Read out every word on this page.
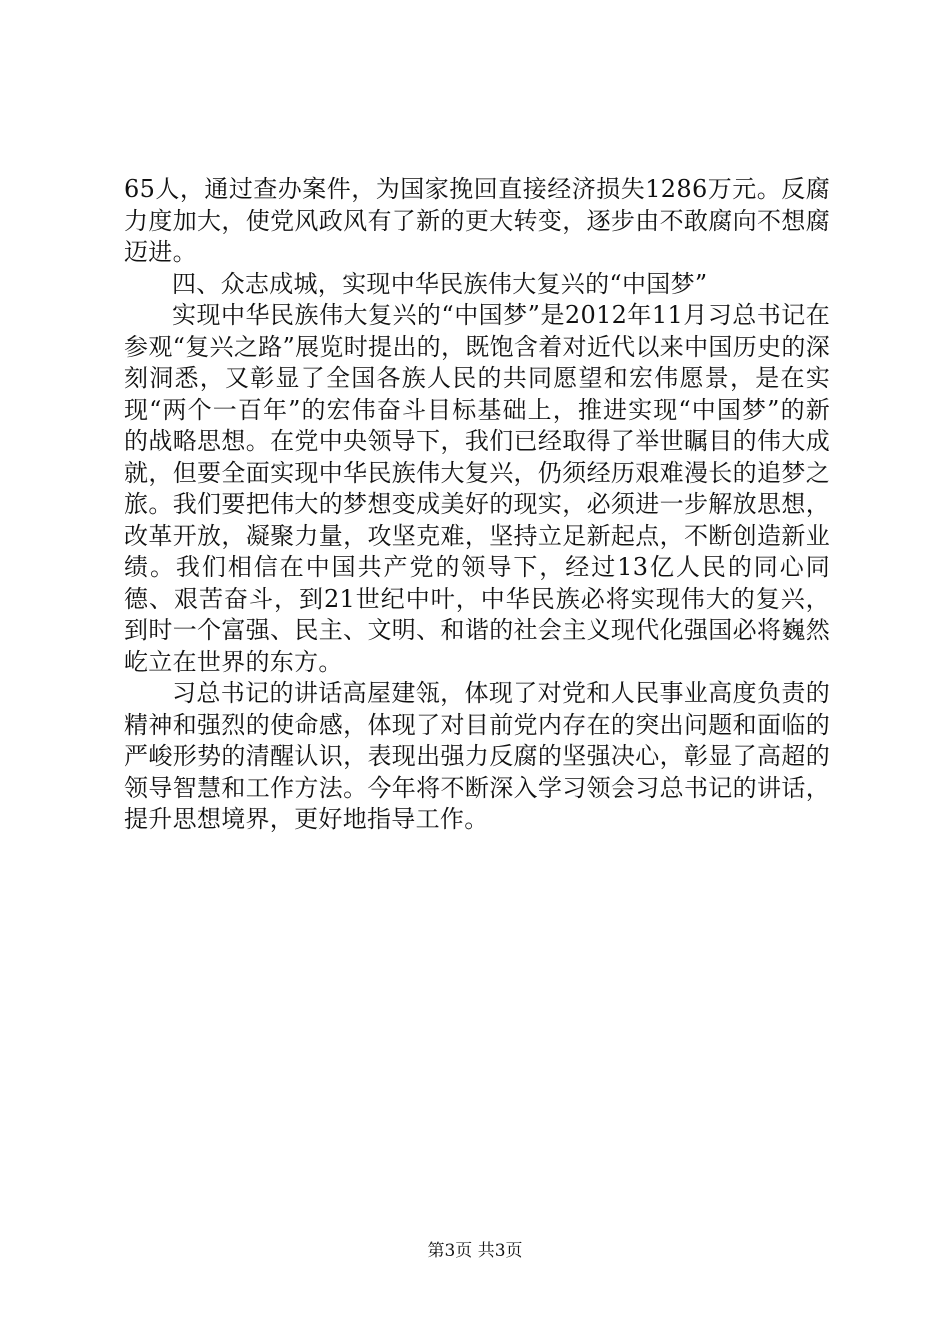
65人，通过查办案件，为国家挽回直接经济损失1286万元。反腐力度加大，使党风政风有了新的更大转变，逐步由不敢腐向不想腐迈进。

四、众志成城，实现中华民族伟大复兴的“中国梦”

实现中华民族伟大复兴的“中国梦”是2012年11月习总书记在参观“复兴之路”展览时提出的，既饱含着对近代以来中国历史的深刻洞悉，又彰显了全国各族人民的共同愿望和宏伟愿景，是在实现“两个一百年”的宏伟奋斗目标基础上，推进实现“中国梦”的新的战略思想。在党中央领导下，我们已经取得了举世瞩目的伟大成就，但要全面实现中华民族伟大复兴，仍须经历艰难漫长的追梦之旅。我们要把伟大的梦想变成美好的现实，必须进一步解放思想，改革开放，凝聚力量，攻坚克难，坚持立足新起点，不断创造新业绩。我们相信在中国共产党的领导下，经过13亿人民的同心同德、艰苦奋斗，到21世纪中叶，中华民族必将实现伟大的复兴，到时一个富强、民主、文明、和谐的社会主义现代化强国必将巍然屹立在世界的东方。

习总书记的讲话高屋建瓴，体现了对党和人民事业高度负责的精神和强烈的使命感，体现了对目前党内存在的突出问题和面临的严峻形势的清醒认识，表现出强力反腐的坚强决心，彰显了高超的领导智慧和工作方法。今年将不断深入学习领会习总书记的讲话，提升思想境界，更好地指导工作。

第3页 共3页
